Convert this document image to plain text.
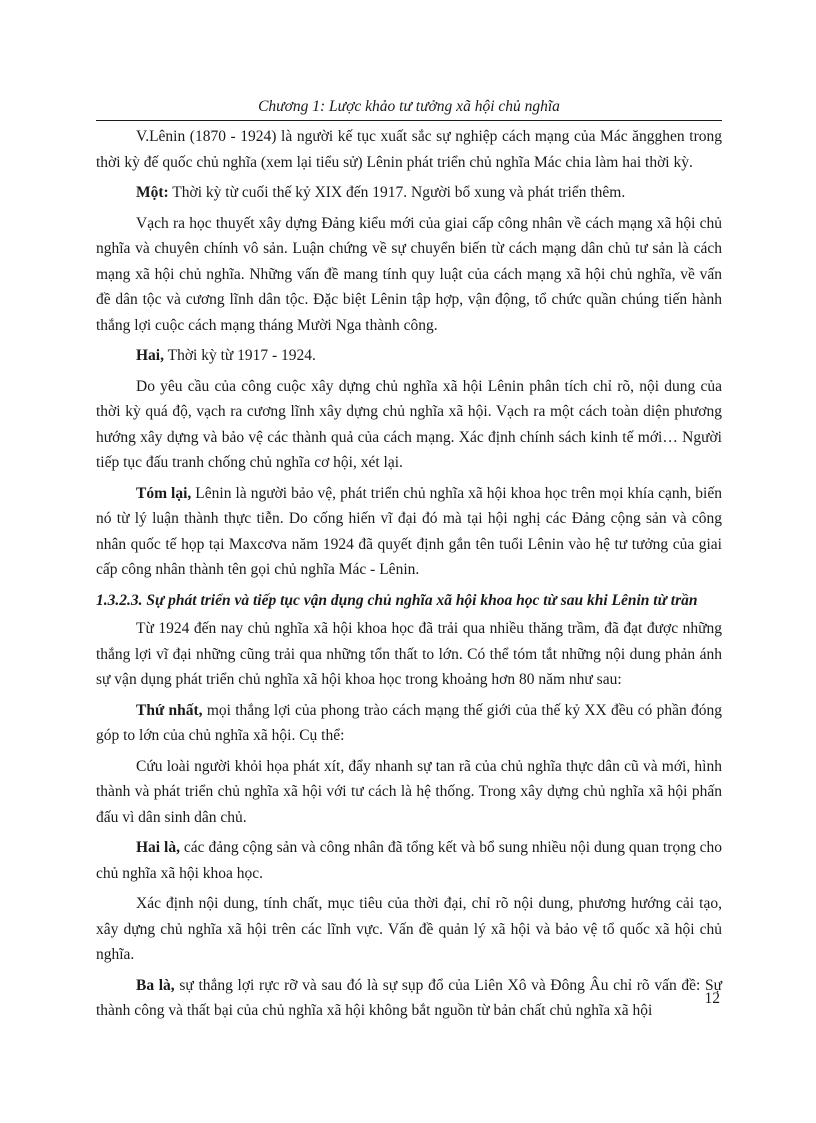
Chương 1: Lược khảo tư tưởng xã hội chủ nghĩa

V.Lênin (1870 - 1924) là người kế tục xuất sắc sự nghiệp cách mạng của Mác ăngghen trong thời kỳ đế quốc chủ nghĩa (xem lại tiểu sử) Lênin phát triển chủ nghĩa Mác chia làm hai thời kỳ.

Một: Thời kỳ từ cuối thế kỷ XIX đến 1917. Người bổ xung và phát triển thêm.

Vạch ra học thuyết xây dựng Đảng kiểu mới của giai cấp công nhân về cách mạng xã hội chủ nghĩa và chuyên chính vô sản. Luận chứng về sự chuyển biến từ cách mạng dân chủ tư sản là cách mạng xã hội chủ nghĩa. Những vấn đề mang tính quy luật của cách mạng xã hội chủ nghĩa, về vấn đề dân tộc và cương lĩnh dân tộc. Đặc biệt Lênin tập hợp, vận động, tổ chức quần chúng tiến hành thắng lợi cuộc cách mạng tháng Mười Nga thành công.

Hai, Thời kỳ từ 1917 - 1924.

Do yêu cầu của công cuộc xây dựng chủ nghĩa xã hội Lênin phân tích chỉ rõ, nội dung của thời kỳ quá độ, vạch ra cương lĩnh xây dựng chủ nghĩa xã hội. Vạch ra một cách toàn diện phương hướng xây dựng và bảo vệ các thành quả của cách mạng. Xác định chính sách kinh tế mới… Người tiếp tục đấu tranh chống chủ nghĩa cơ hội, xét lại.

Tóm lại, Lênin là người bảo vệ, phát triển chủ nghĩa xã hội khoa học trên mọi khía cạnh, biến nó từ lý luận thành thực tiễn. Do cống hiến vĩ đại đó mà tại hội nghị các Đảng cộng sản và công nhân quốc tế họp tại Maxcơva năm 1924 đã quyết định gắn tên tuổi Lênin vào hệ tư tưởng của giai cấp công nhân thành tên gọi chủ nghĩa Mác - Lênin.

1.3.2.3. Sự phát triển và tiếp tục vận dụng chủ nghĩa xã hội khoa học từ sau khi Lênin từ trần

Từ 1924 đến nay chủ nghĩa xã hội khoa học đã trải qua nhiều thăng trầm, đã đạt được những thắng lợi vĩ đại những cũng trải qua những tổn thất to lớn. Có thể tóm tắt những nội dung phản ánh sự vận dụng phát triển chủ nghĩa xã hội khoa học trong khoảng hơn 80 năm như sau:

Thứ nhất, mọi thắng lợi của phong trào cách mạng thế giới của thế kỷ XX đều có phần đóng góp to lớn của chủ nghĩa xã hội. Cụ thể:

Cứu loài người khỏi họa phát xít, đẩy nhanh sự tan rã của chủ nghĩa thực dân cũ và mới, hình thành và phát triển chủ nghĩa xã hội với tư cách là hệ thống. Trong xây dựng chủ nghĩa xã hội phấn đấu vì dân sinh dân chủ.

Hai là, các đảng cộng sản và công nhân đã tổng kết và bổ sung nhiều nội dung quan trọng cho chủ nghĩa xã hội khoa học.

Xác định nội dung, tính chất, mục tiêu của thời đại, chỉ rõ nội dung, phương hướng cải tạo, xây dựng chủ nghĩa xã hội trên các lĩnh vực. Vấn đề quản lý xã hội và bảo vệ tổ quốc xã hội chủ nghĩa.

Ba là, sự thắng lợi rực rỡ và sau đó là sự sụp đổ của Liên Xô và Đông Âu chỉ rõ vấn đề: Sự thành công và thất bại của chủ nghĩa xã hội không bắt nguồn từ bản chất chủ nghĩa xã hội

12
